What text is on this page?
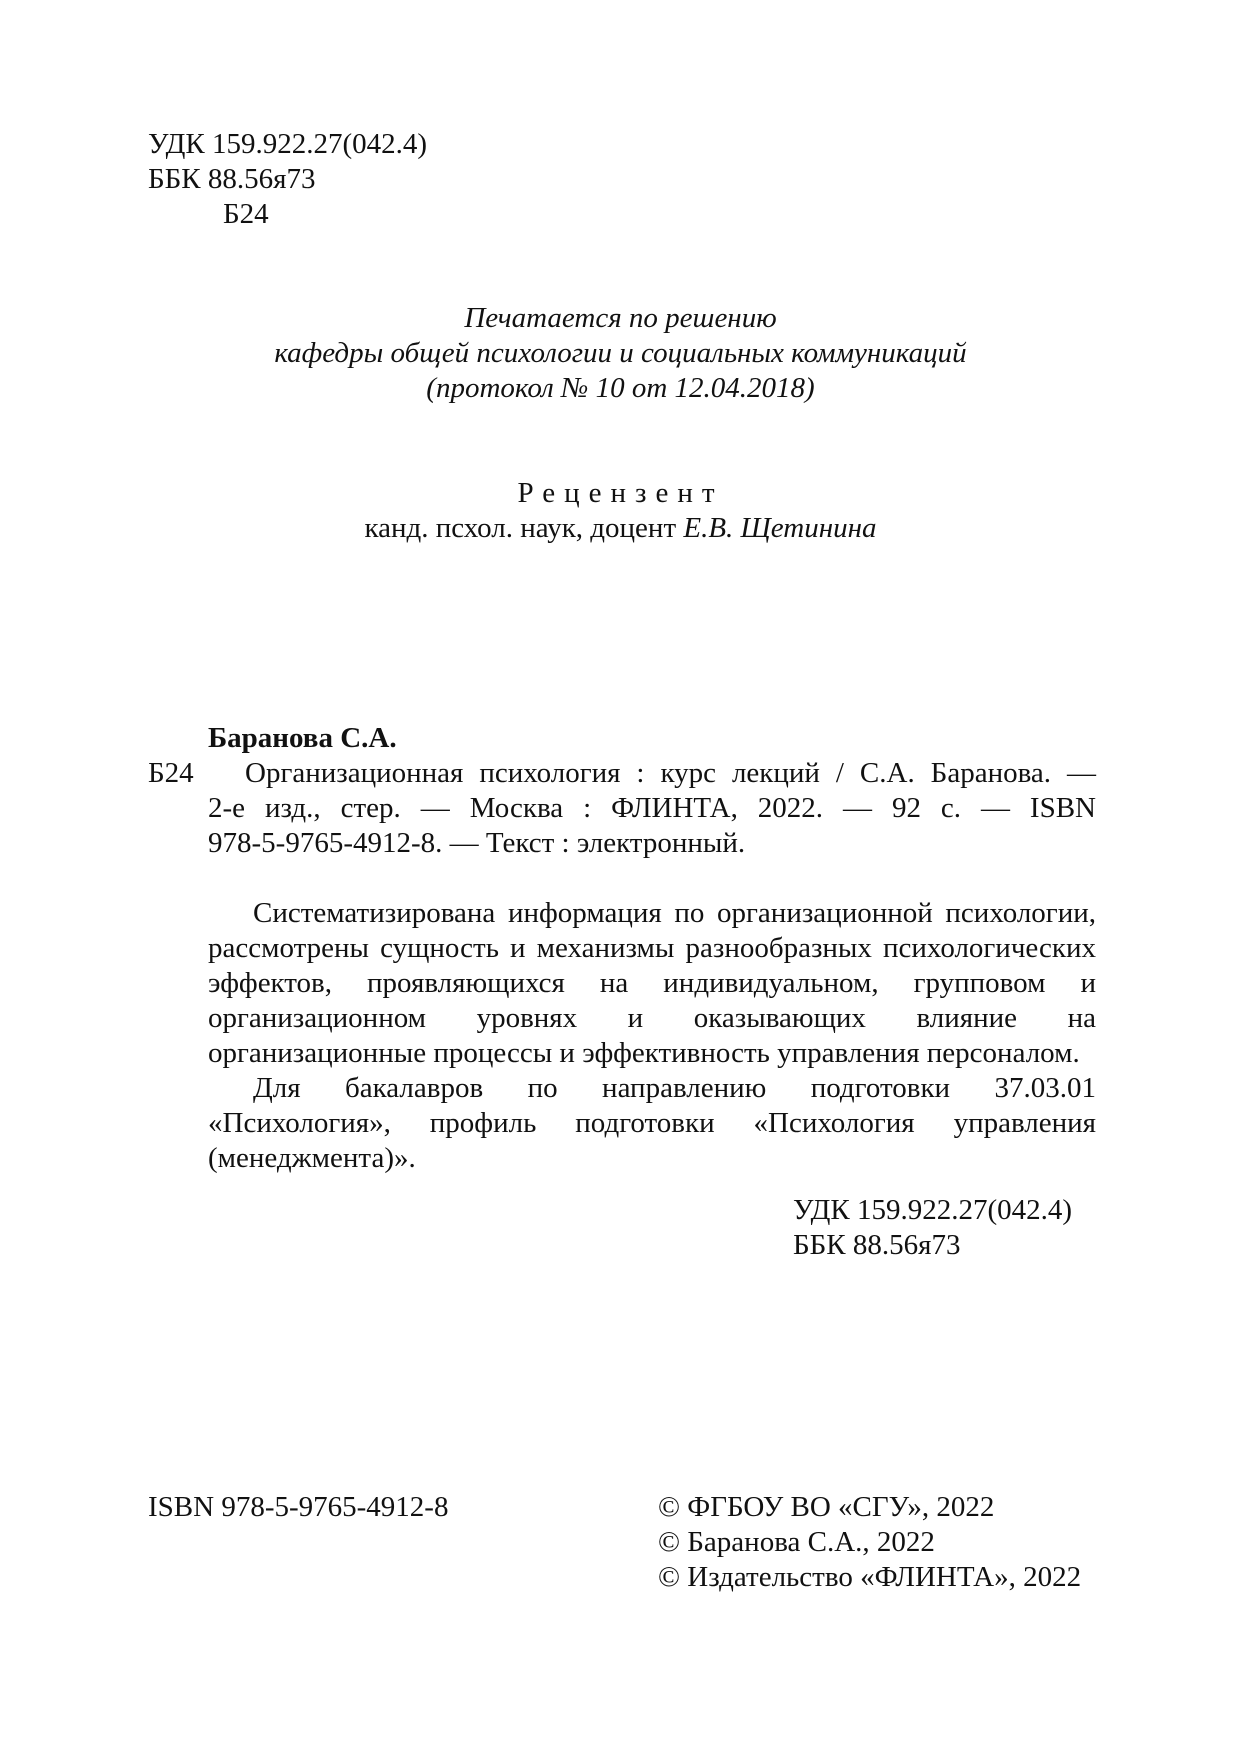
УДК 159.922.27(042.4)
ББК 88.56я73
Б24
Печатается по решению
кафедры общей психологии и социальных коммуникаций
(протокол № 10 от 12.04.2018)
Рецензент
канд. псхол. наук, доцент Е.В. Щетинина
Баранова С.А.
Б24 Организационная психология : курс лекций / С.А. Баранова. —
2-е изд., стер. — Москва : ФЛИНТА, 2022. — 92 с. — ISBN
978-5-9765-4912-8. — Текст : электронный.
Систематизирована информация по организационной психологии,
рассмотрены сущность и механизмы разнообразных психологических
эффектов, проявляющихся на индивидуальном, групповом и
организационном уровнях и оказывающих влияние на
организационные процессы и эффективность управления персоналом.
Для бакалавров по направлению подготовки 37.03.01
«Психология», профиль подготовки «Психология управления
(менеджмента)».
УДК 159.922.27(042.4)
ББК 88.56я73
ISBN 978-5-9765-4912-8	© ФГБОУ ВО «СГУ», 2022
© Баранова С.А., 2022
© Издательство «ФЛИНТА», 2022
